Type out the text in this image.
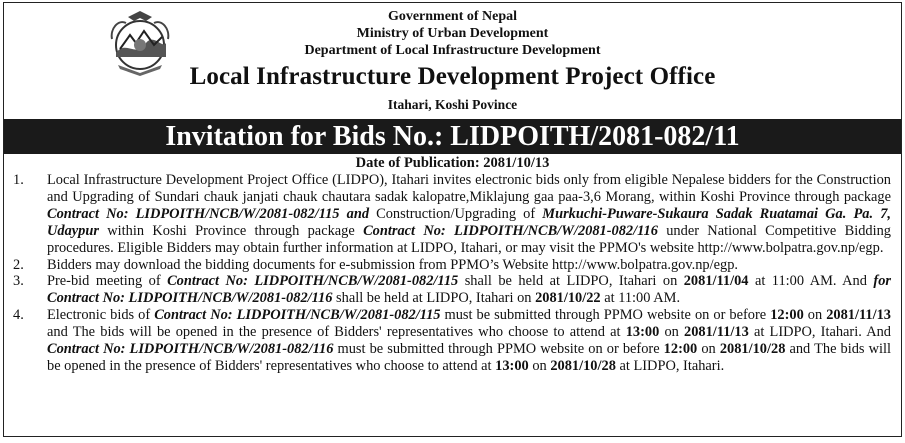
Government of Nepal
Ministry of Urban Development
Department of Local Infrastructure Development
Local Infrastructure Development Project Office
Itahari, Koshi Povince
Invitation for Bids No.: LIDPOITH/2081-082/11
Date of Publication: 2081/10/13
1.	Local Infrastructure Development Project Office (LIDPO), Itahari invites electronic bids only from eligible Nepalese bidders for the Construction and Upgrading of Sundari chauk janjati chauk chautara sadak kalopatre,Miklajung gaa paa-3,6 Morang, within Koshi Province through package Contract No: LIDPOITH/NCB/W/2081-082/115 and Construction/Upgrading of Murkuchi-Puware-Sukaura Sadak Ruatamai Ga. Pa. 7, Udaypur within Koshi Province through package Contract No: LIDPOITH/NCB/W/2081-082/116 under National Competitive Bidding procedures. Eligible Bidders may obtain further information at LIDPO, Itahari, or may visit the PPMO's website http://www.bolpatra.gov.np/egp.
2.	Bidders may download the bidding documents for e-submission from PPMO’s Website http://www.bolpatra.gov.np/egp.
3.	Pre-bid meeting of Contract No: LIDPOITH/NCB/W/2081-082/115 shall be held at LIDPO, Itahari on 2081/11/04 at 11:00 AM. And for Contract No: LIDPOITH/NCB/W/2081-082/116 shall be held at LIDPO, Itahari on 2081/10/22 at 11:00 AM.
4.	Electronic bids of Contract No: LIDPOITH/NCB/W/2081-082/115 must be submitted through PPMO website on or before 12:00 on 2081/11/13 and The bids will be opened in the presence of Bidders' representatives who choose to attend at 13:00 on 2081/11/13 at LIDPO, Itahari. And Contract No: LIDPOITH/NCB/W/2081-082/116 must be submitted through PPMO website on or before 12:00 on 2081/10/28 and The bids will be opened in the presence of Bidders' representatives who choose to attend at 13:00 on 2081/10/28 at LIDPO, Itahari.
